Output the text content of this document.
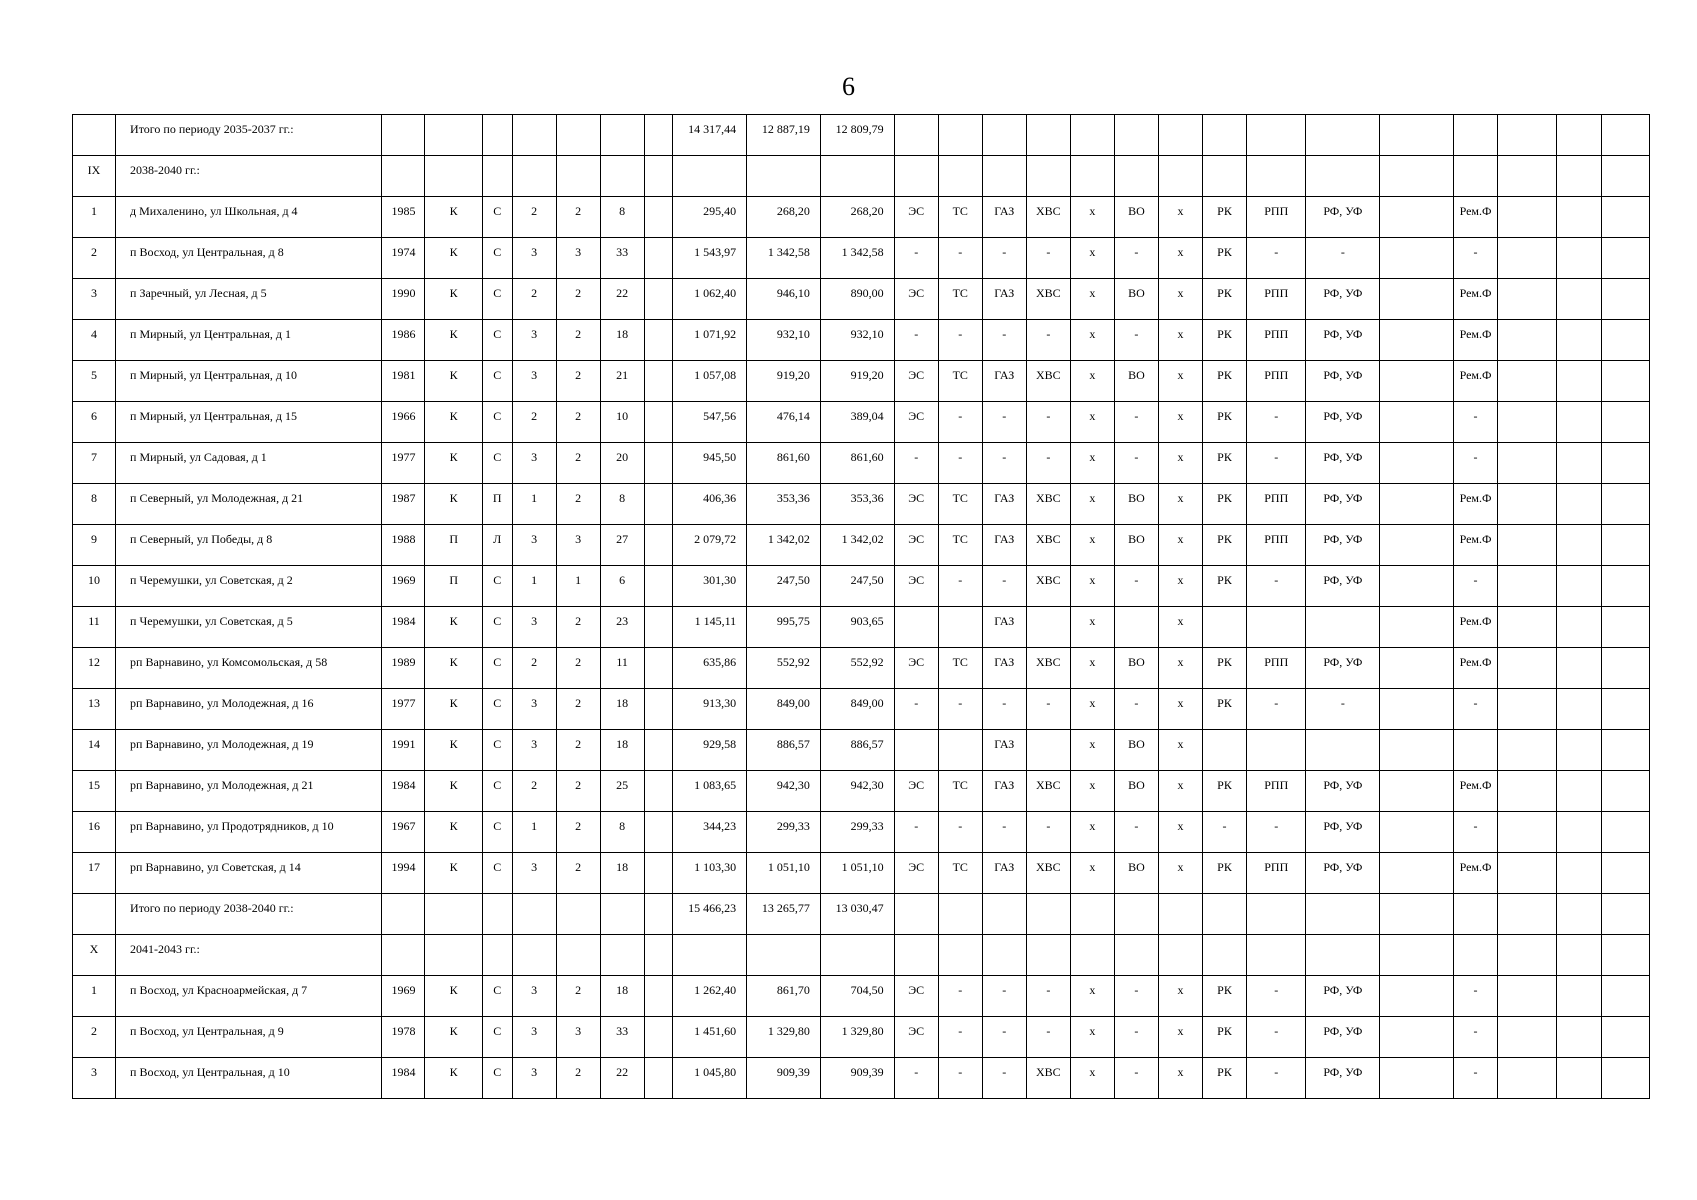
6
	Итого по периоду 2035-2037 гг.:								14 317,44	12 887,19	12 809,79															
IX	2038-2040 гг.:																									
1	д Михаленино, ул Школьная, д 4	1985	К	С	2	2	8		295,40	268,20	268,20	ЭС	ТС	ГАЗ	ХВС	х	ВО	х	РК	РПП	РФ, УФ		Рем.Ф			
2	п Восход, ул Центральная, д 8	1974	К	С	3	3	33		1 543,97	1 342,58	1 342,58	-	-	-	-	х	-	х	РК	-	-		-			
3	п Заречный, ул Лесная, д 5	1990	К	С	2	2	22		1 062,40	946,10	890,00	ЭС	ТС	ГАЗ	ХВС	х	ВО	х	РК	РПП	РФ, УФ		Рем.Ф			
4	п Мирный, ул Центральная, д 1	1986	К	С	3	2	18		1 071,92	932,10	932,10	-	-	-	-	х	-	х	РК	РПП	РФ, УФ		Рем.Ф			
5	п Мирный, ул Центральная, д 10	1981	К	С	3	2	21		1 057,08	919,20	919,20	ЭС	ТС	ГАЗ	ХВС	х	ВО	х	РК	РПП	РФ, УФ		Рем.Ф			
6	п Мирный, ул Центральная, д 15	1966	К	С	2	2	10		547,56	476,14	389,04	ЭС	-	-	-	х	-	х	РК	-	РФ, УФ		-			
7	п Мирный, ул Садовая, д 1	1977	К	С	3	2	20		945,50	861,60	861,60	-	-	-	-	х	-	х	РК	-	РФ, УФ		-			
8	п Северный, ул Молодежная, д 21	1987	К	П	1	2	8		406,36	353,36	353,36	ЭС	ТС	ГАЗ	ХВС	х	ВО	х	РК	РПП	РФ, УФ		Рем.Ф			
9	п Северный, ул Победы, д 8	1988	П	Л	3	3	27		2 079,72	1 342,02	1 342,02	ЭС	ТС	ГАЗ	ХВС	х	ВО	х	РК	РПП	РФ, УФ		Рем.Ф			
10	п Черемушки, ул Советская, д 2	1969	П	С	1	1	6		301,30	247,50	247,50	ЭС	-	-	ХВС	х	-	х	РК	-	РФ, УФ		-			
11	п Черемушки, ул Советская, д 5	1984	К	С	3	2	23		1 145,11	995,75	903,65			ГАЗ		х		х					Рем.Ф			
12	рп Варнавино, ул Комсомольская, д 58	1989	К	С	2	2	11		635,86	552,92	552,92	ЭС	ТС	ГАЗ	ХВС	х	ВО	х	РК	РПП	РФ, УФ		Рем.Ф			
13	рп Варнавино, ул Молодежная, д 16	1977	К	С	3	2	18		913,30	849,00	849,00	-	-	-	-	х	-	х	РК	-	-		-			
14	рп Варнавино, ул Молодежная, д 19	1991	К	С	3	2	18		929,58	886,57	886,57			ГАЗ		х	ВО	х								
15	рп Варнавино, ул Молодежная, д 21	1984	К	С	2	2	25		1 083,65	942,30	942,30	ЭС	ТС	ГАЗ	ХВС	х	ВО	х	РК	РПП	РФ, УФ		Рем.Ф			
16	рп Варнавино, ул Продотрядников, д 10	1967	К	С	1	2	8		344,23	299,33	299,33	-	-	-	-	х	-	х	-	-	РФ, УФ		-			
17	рп Варнавино, ул Советская, д 14	1994	К	С	3	2	18		1 103,30	1 051,10	1 051,10	ЭС	ТС	ГАЗ	ХВС	х	ВО	х	РК	РПП	РФ, УФ		Рем.Ф			
	Итого по периоду 2038-2040 гг.:								15 466,23	13 265,77	13 030,47															
X	2041-2043 гг.:																									
1	п Восход, ул Красноармейская, д 7	1969	К	С	3	2	18		1 262,40	861,70	704,50	ЭС	-	-	-	х	-	х	РК	-	РФ, УФ		-			
2	п Восход, ул Центральная, д 9	1978	К	С	3	3	33		1 451,60	1 329,80	1 329,80	ЭС	-	-	-	х	-	х	РК	-	РФ, УФ		-			
3	п Восход, ул Центральная, д 10	1984	К	С	3	2	22		1 045,80	909,39	909,39	-	-	-	ХВС	х	-	х	РК	-	РФ, УФ		-			
